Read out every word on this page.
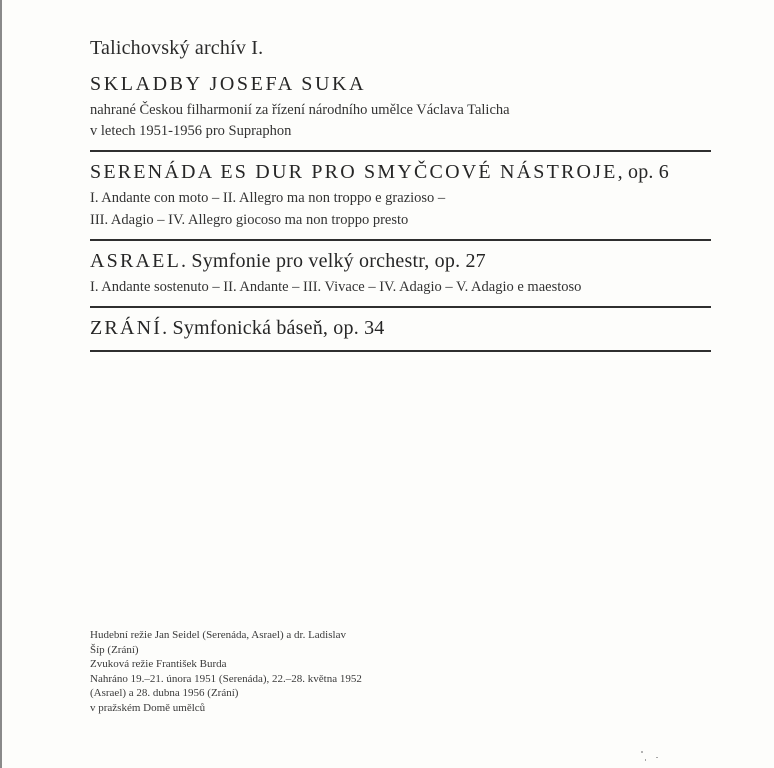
Talichovský archív I.
SKLADBY JOSEFA SUKA
nahrané Českou filharmonií za řízení národního umělce Václava Talicha
v letech 1951-1956 pro Supraphon
SERENÁDA ES DUR PRO SMYČCOVÉ NÁSTROJE, op. 6
I. Andante con moto – II. Allegro ma non troppo e grazioso –
III. Adagio – IV. Allegro giocoso ma non troppo presto
ASRAEL. Symfonie pro velký orchestr, op. 27
I. Andante sostenuto – II. Andante – III. Vivace – IV. Adagio – V. Adagio e maestoso
ZRÁNÍ. Symfonická báseň, op. 34
Hudební režie Jan Seidel (Serenáda, Asrael) a dr. Ladislav
Šíp (Zrání)
Zvuková režie František Burda
Nahráno 19.–21. února 1951 (Serenáda), 22.–28. května 1952
(Asrael) a 28. dubna 1956 (Zrání)
v pražském Domě umělců
